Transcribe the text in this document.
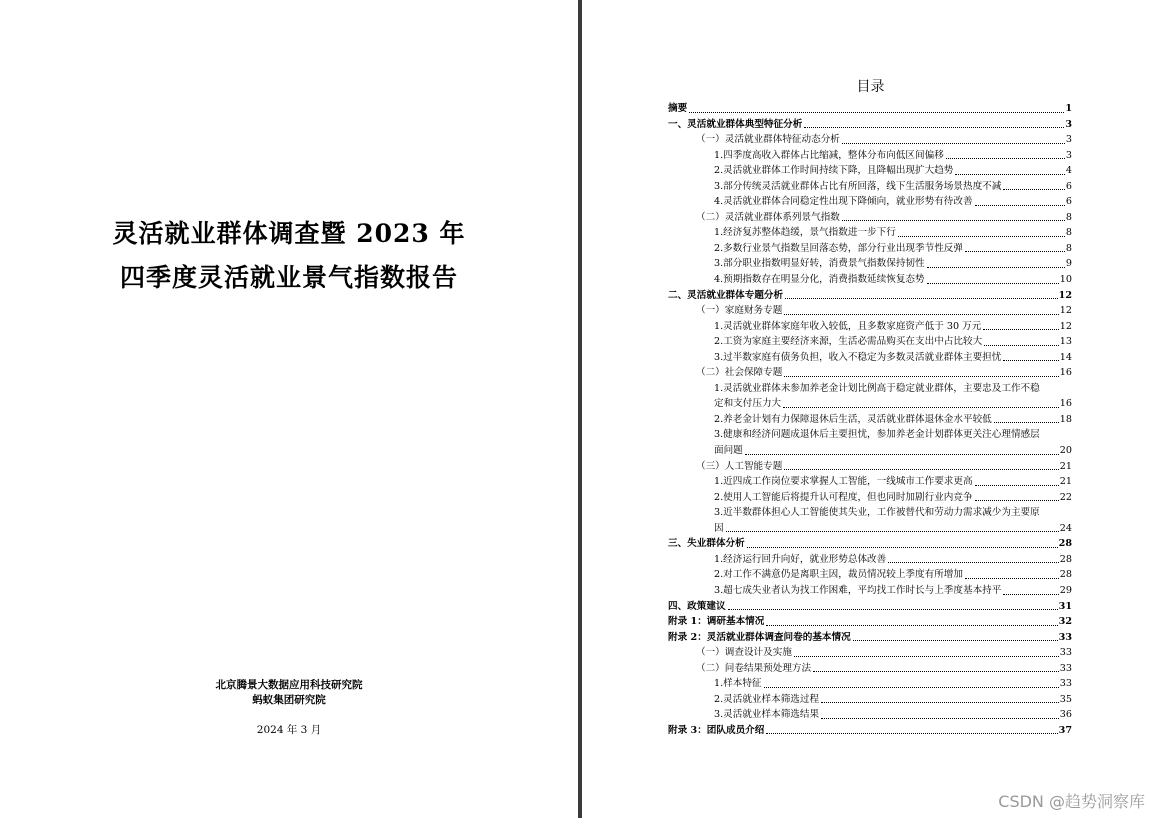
灵活就业群体调查暨 2023 年
四季度灵活就业景气指数报告
北京腾景大数据应用科技研究院
蚂蚁集团研究院
2024 年 3 月
目录
摘要	1
一、灵活就业群体典型特征分析	3
（一）灵活就业群体特征动态分析	3
1.四季度高收入群体占比缩减，整体分布向低区间偏移	3
2.灵活就业群体工作时间持续下降，且降幅出现扩大趋势	4
3.部分传统灵活就业群体占比有所回落，线下生活服务场景热度不减	6
4.灵活就业群体合同稳定性出现下降倾向，就业形势有待改善	6
（二）灵活就业群体系列景气指数	8
1.经济复苏整体趋缓，景气指数进一步下行	8
2.多数行业景气指数呈回落态势，部分行业出现季节性反弹	8
3.部分职业指数明显好转，消费景气指数保持韧性	9
4.预期指数存在明显分化，消费指数延续恢复态势	10
二、灵活就业群体专题分析	12
（一）家庭财务专题	12
1.灵活就业群体家庭年收入较低，且多数家庭资产低于 30 万元	12
2.工资为家庭主要经济来源，生活必需品购买在支出中占比较大	13
3.过半数家庭有债务负担，收入不稳定为多数灵活就业群体主要担忧	14
（二）社会保障专题	16
1.灵活就业群体未参加养老金计划比例高于稳定就业群体，主要忠及工作不稳
定和支付压力大	16
2.养老金计划有力保障退休后生活，灵活就业群体退休金水平较低	18
3.健康和经济问题成退休后主要担忧，参加养老金计划群体更关注心理情感层
面问题	20
（三）人工智能专题	21
1.近四成工作岗位要求掌握人工智能，一线城市工作要求更高	21
2.使用人工智能后将提升认可程度，但也同时加剧行业内竞争	22
3.近半数群体担心人工智能使其失业，工作被替代和劳动力需求减少为主要原
因	24
三、失业群体分析	28
1.经济运行回升向好，就业形势总体改善	28
2.对工作不满意仍是离职主因，裁员情况较上季度有所增加	28
3.超七成失业者认为找工作困难，平均找工作时长与上季度基本持平	29
四、政策建议	31
附录 1：调研基本情况	32
附录 2：灵活就业群体调查问卷的基本情况	33
（一）调查设计及实施	33
（二）问卷结果预处理方法	33
1.样本特征	33
2.灵活就业样本筛选过程	35
3.灵活就业样本筛选结果	36
附录 3：团队成员介绍	37
CSDN @趋势洞察库
